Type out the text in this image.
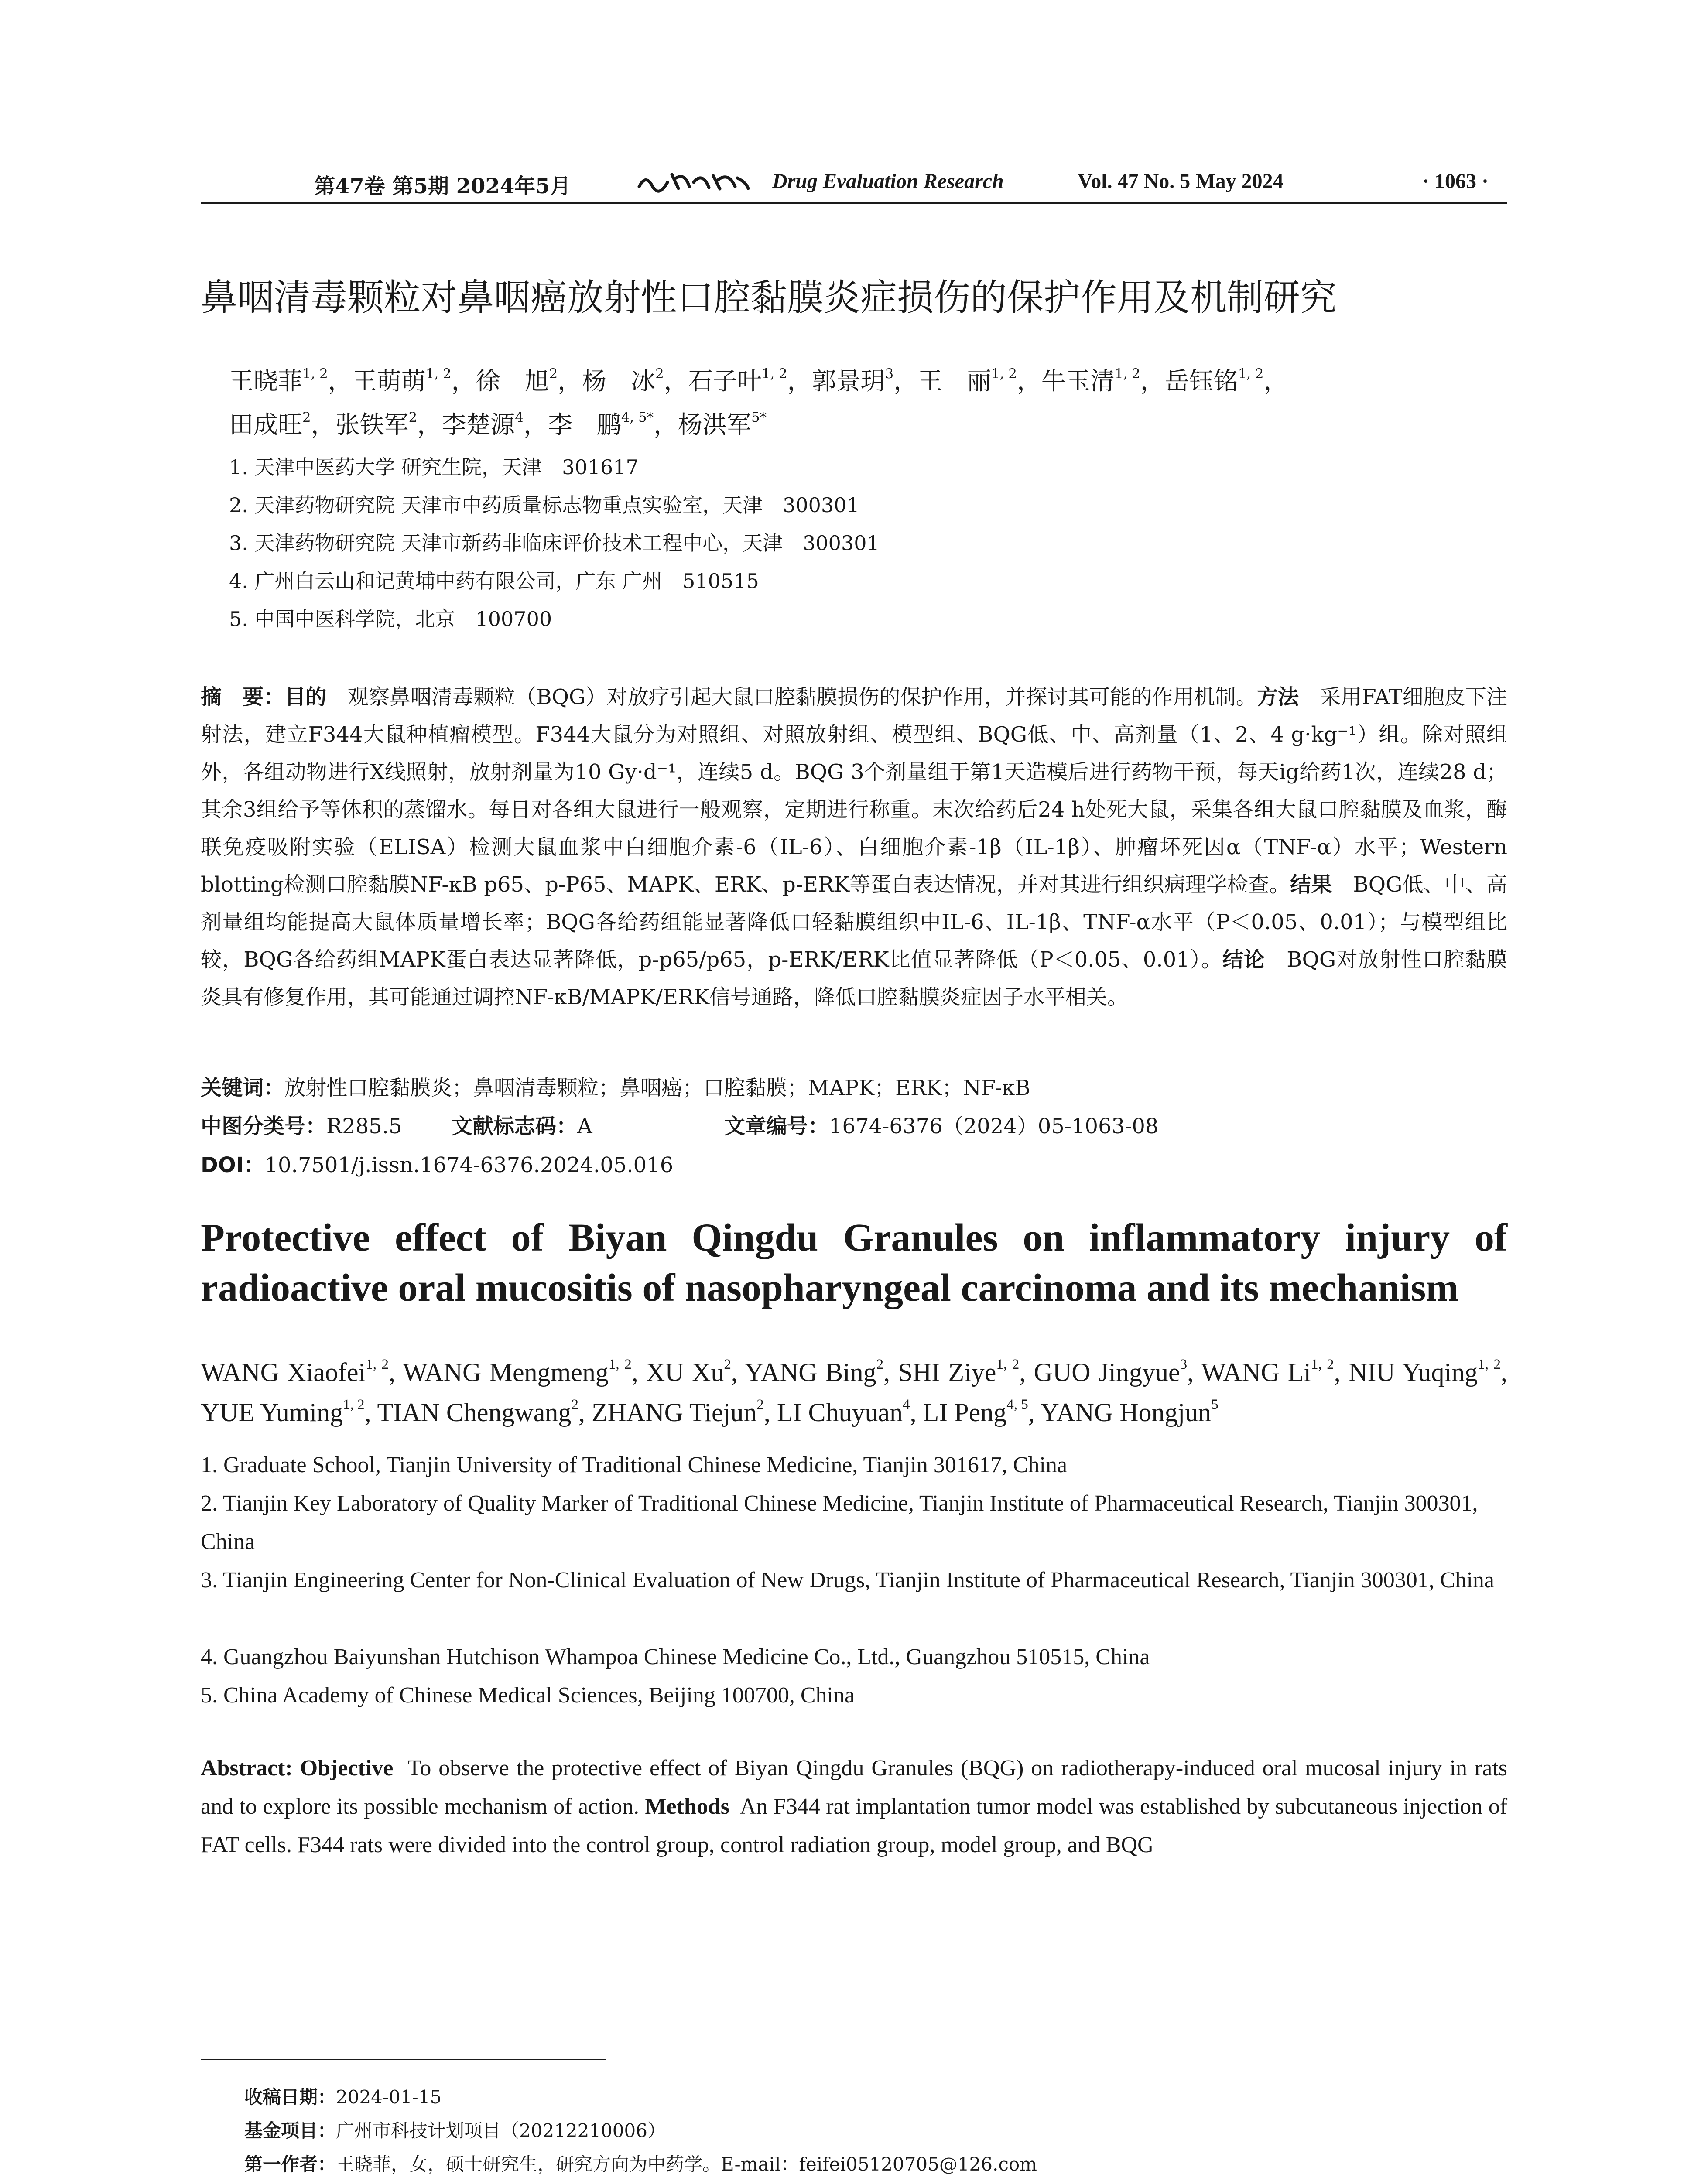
第47卷 第5期 2024年5月	Drug Evaluation Research	Vol. 47 No. 5 May 2024	· 1063 ·
鼻咽清毒颗粒对鼻咽癌放射性口腔黏膜炎症损伤的保护作用及机制研究
王晓菲$^{1, 2}$，王萌萌$^{1, 2}$，徐　旭$^2$，杨　冰$^2$，石子叶$^{1, 2}$，郭景玥$^3$，王　丽$^{1, 2}$，牛玉清$^{1, 2}$，岳钰铭$^{1, 2}$，
田成旺$^2$，张铁军$^2$，李楚源$^4$，李　鹏$^{4, 5*}$，杨洪军$^{5*}$
1. 天津中医药大学 研究生院，天津　301617
2. 天津药物研究院 天津市中药质量标志物重点实验室，天津　300301
3. 天津药物研究院 天津市新药非临床评价技术工程中心，天津　300301
4. 广州白云山和记黄埔中药有限公司，广东 广州　510515
5. 中国中医科学院，北京　100700
摘　要：目的　 观察鼻咽清毒颗粒（BQG）对放疗引起大鼠口腔黏膜损伤的保护作用，并探讨其可能的作用机制。方法　 采用FAT细胞皮下注射法，建立F344大鼠种植瘤模型。F344大鼠分为对照组、对照放射组、模型组、BQG低、中、高剂量（1、2、4 g·kg⁻¹）组。除对照组外，各组动物进行X线照射，放射剂量为10 Gy·d⁻¹，连续5 d。BQG 3个剂量组于第1天造模后进行药物干预，每天ig给药1次，连续28 d；其余3组给予等体积的蒸馏水。每日对各组大鼠进行一般观察，定期进行称重。末次给药后24 h处死大鼠，采集各组大鼠口腔黏膜及血浆，酶联免疫吸附实验（ELISA）检测大鼠血浆中白细胞介素-6（IL-6）、白细胞介素-1β（IL-1β）、肿瘤坏死因α（TNF-α）水平；Western blotting检测口腔黏膜NF-κB p65、p-P65、MAPK、ERK、p-ERK等蛋白表达情况，并对其进行组织病理学检查。结果　 BQG低、中、高剂量组均能提高大鼠体质量增长率；BQG各给药组能显著降低口轻黏膜组织中IL-6、IL-1β、TNF-α水平（P＜0.05、0.01）；与模型组比较，BQG各给药组MAPK蛋白表达显著降低，p-p65/p65，p-ERK/ERK比值显著降低（P＜0.05、0.01）。结论　 BQG对放射性口腔黏膜炎具有修复作用，其可能通过调控NF-κB/MAPK/ERK信号通路，降低口腔黏膜炎症因子水平相关。
关键词：放射性口腔黏膜炎；鼻咽清毒颗粒；鼻咽癌；口腔黏膜；MAPK；ERK；NF-κB
中图分类号：R285.5 文献标志码：A	文章编号：1674-6376（2024）05-1063-08
DOI：10.7501/j.issn.1674-6376.2024.05.016
Protective effect of Biyan Qingdu Granules on inflammatory injury of radioactive oral mucositis of nasopharyngeal carcinoma and its mechanism
WANG Xiaofei$^{1, 2}$, WANG Mengmeng$^{1, 2}$, XU Xu$^2$, YANG Bing$^2$, SHI Ziye$^{1, 2}$, GUO Jingyue$^3$, WANG Li$^{1, 2}$, NIU Yuqing$^{1, 2}$, YUE Yuming$^{1, 2}$, TIAN Chengwang$^2$, ZHANG Tiejun$^2$, LI Chuyuan$^4$, LI Peng$^{4, 5}$, YANG Hongjun$^5$
1. Graduate School, Tianjin University of Traditional Chinese Medicine, Tianjin 301617, China
2. Tianjin Key Laboratory of Quality Marker of Traditional Chinese Medicine, Tianjin Institute of Pharmaceutical Research, Tianjin 300301, China
3. Tianjin Engineering Center for Non-Clinical Evaluation of New Drugs, Tianjin Institute of Pharmaceutical Research, Tianjin 300301, China
4. Guangzhou Baiyunshan Hutchison Whampoa Chinese Medicine Co., Ltd., Guangzhou 510515, China
5. China Academy of Chinese Medical Sciences, Beijing 100700, China
Abstract: Objective To observe the protective effect of Biyan Qingdu Granules (BQG) on radiotherapy-induced oral mucosal injury in rats and to explore its possible mechanism of action. Methods An F344 rat implantation tumor model was established by subcutaneous injection of FAT cells. F344 rats were divided into the control group, control radiation group, model group, and BQG
收稿日期：2024-01-15
基金项目：广州市科技计划项目（20212210006）
第一作者：王晓菲，女，硕士研究生，研究方向为中药学。E-mail：feifei05120705@126.com
